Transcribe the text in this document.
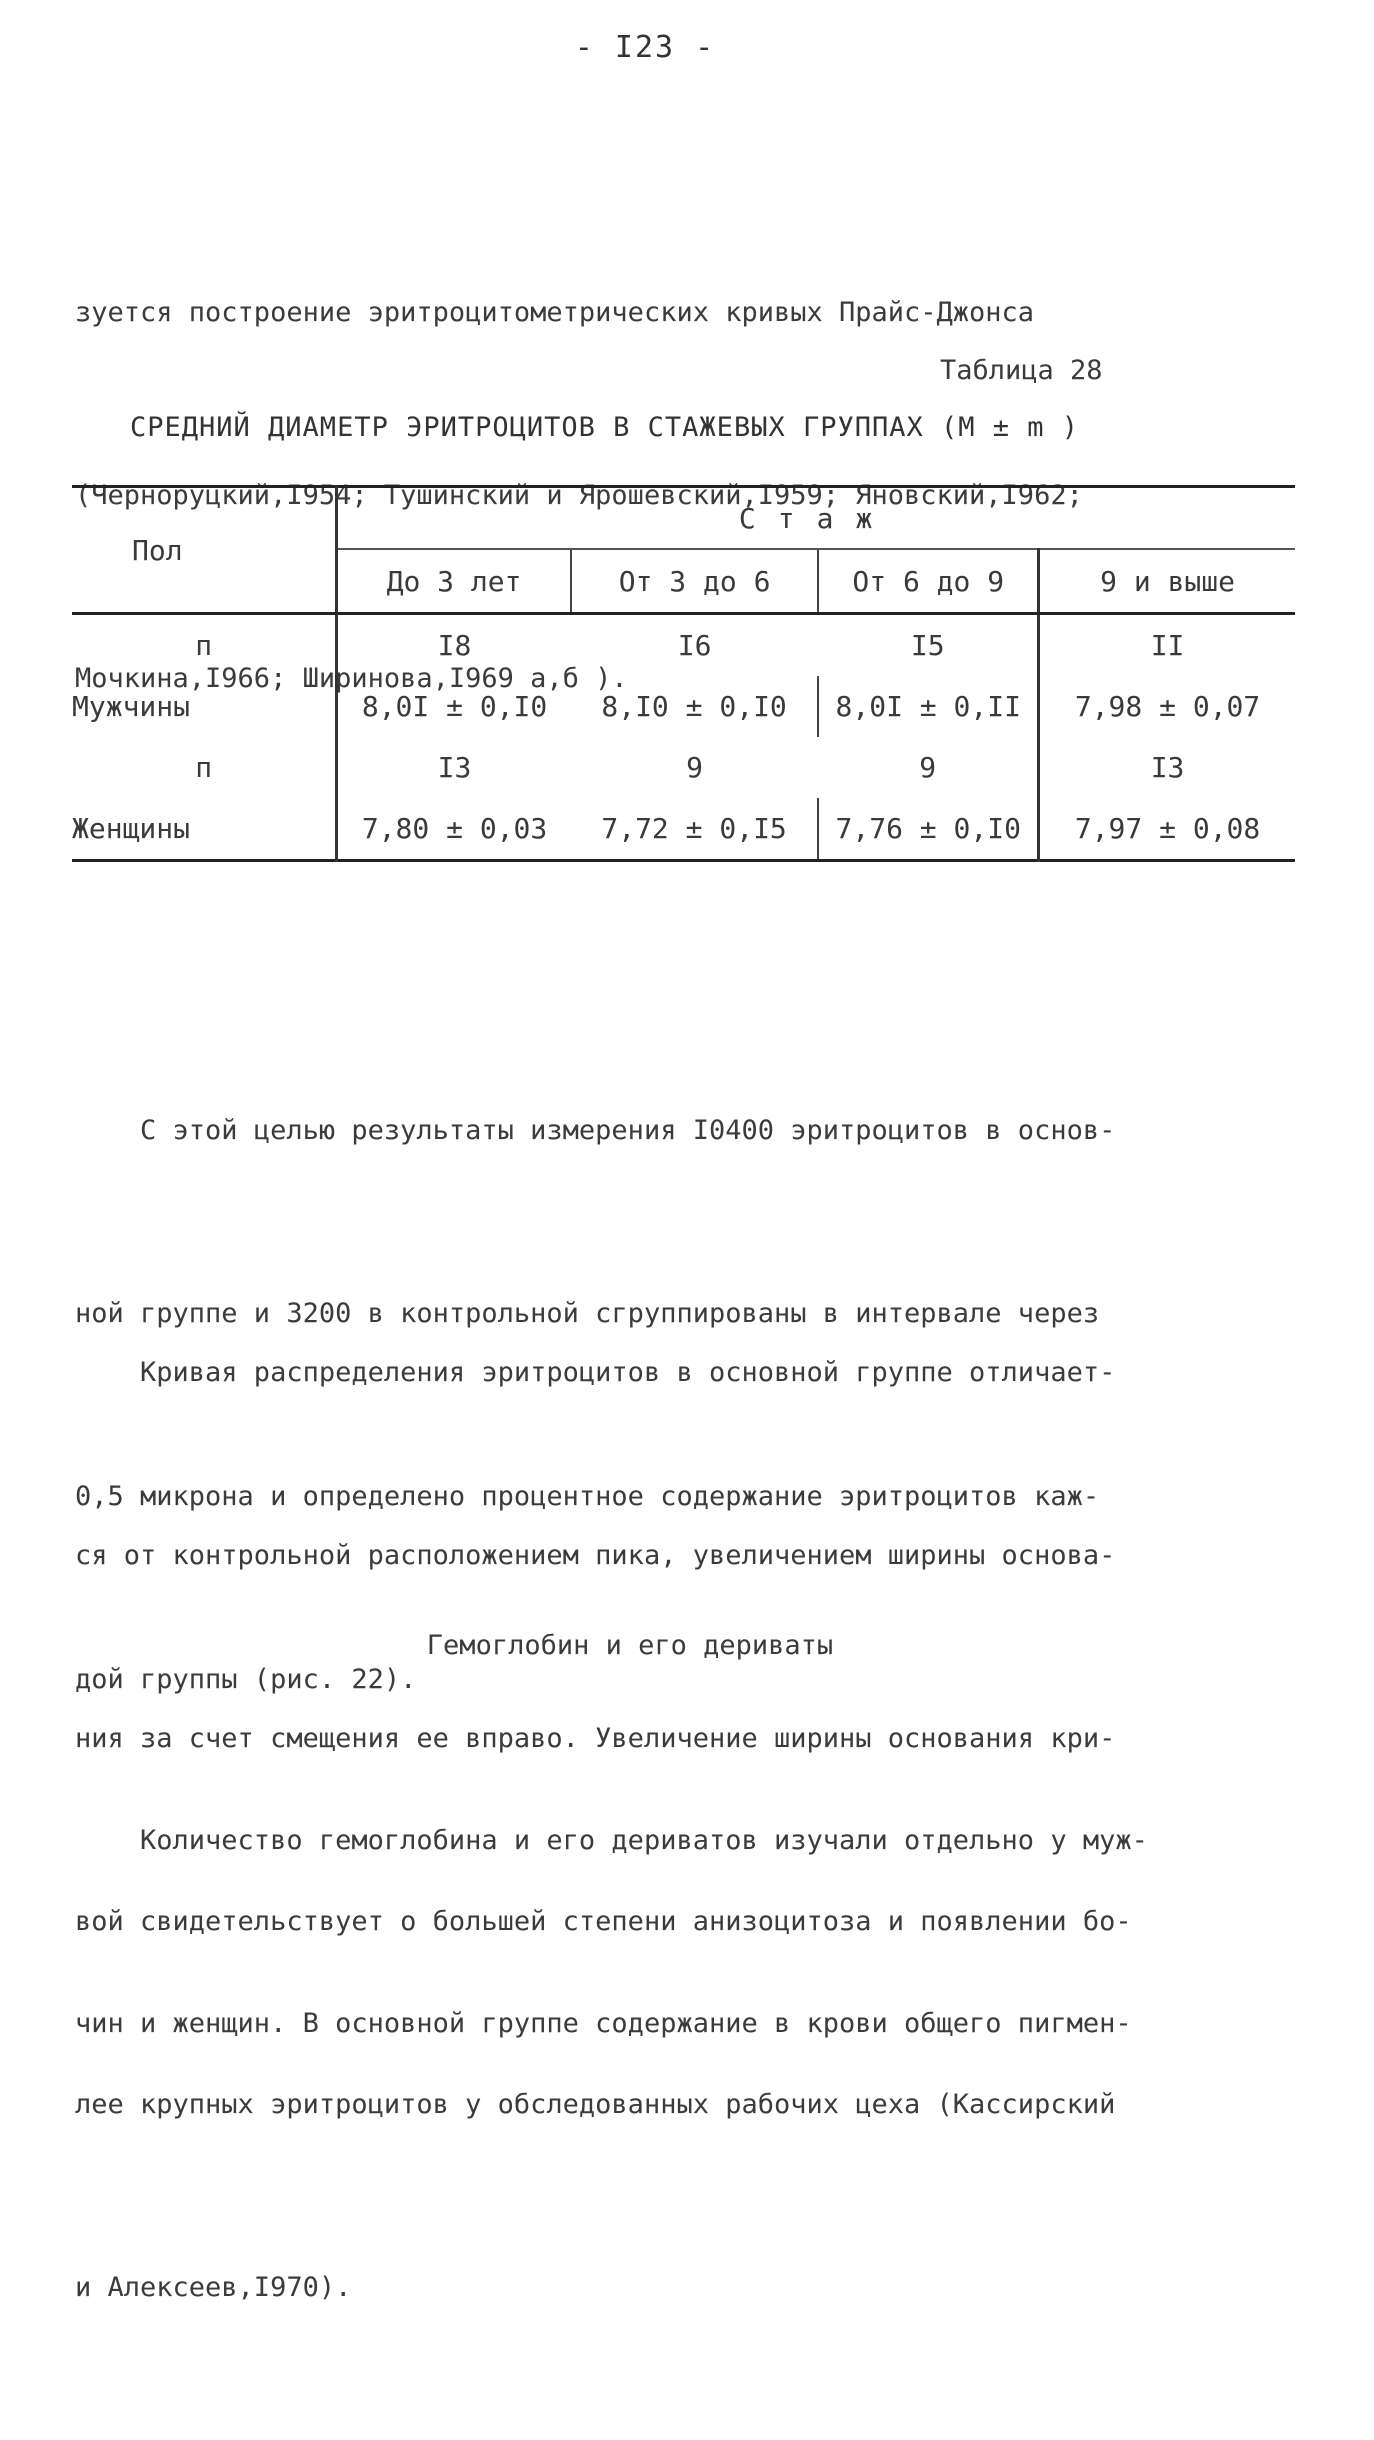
- I23 -

зуется построение эритроцитометрических кривых Прайс-Джонса

(Черноруцкий,I954; Тушинский и Ярошевский,I959; Яновский,I962;

Мочкина,I966; Ширинова,I969 а,б ).

Таблица 28
СРЕДНИЙ ДИАМЕТР ЭРИТРОЦИТОВ В СТАЖЕВЫХ ГРУППАХ (М ± m )
Пол	Стаж			
	До 3 лет	От 3 до 6	От 6 до 9	9 и выше
п	I8	I6	I5	II
Мужчины	8,0I ± 0,I0	8,I0 ± 0,I0	8,0I ± 0,II	7,98 ± 0,07
п	I3	9	9	I3
Женщины	7,80 ± 0,03	7,72 ± 0,I5	7,76 ± 0,I0	7,97 ± 0,08

С этой целью результаты измерения I0400 эритроцитов в основ-

ной группе и 3200 в контрольной сгруппированы в интервале через

0,5 микрона и определено процентное содержание эритроцитов каж-

дой группы (рис. 22).

Кривая распределения эритроцитов в основной группе отличает-

ся от контрольной расположением пика, увеличением ширины основа-

ния за счет смещения ее вправо. Увеличение ширины основания кри-

вой свидетельствует о большей степени анизоцитоза и появлении бо-

лее крупных эритроцитов у обследованных рабочих цеха (Кассирский

и Алексеев,I970).

Гемоглобин и его дериваты

Количество гемоглобина и его дериватов изучали отдельно у муж-

чин и женщин. В основной группе содержание в крови общего пигмен-
